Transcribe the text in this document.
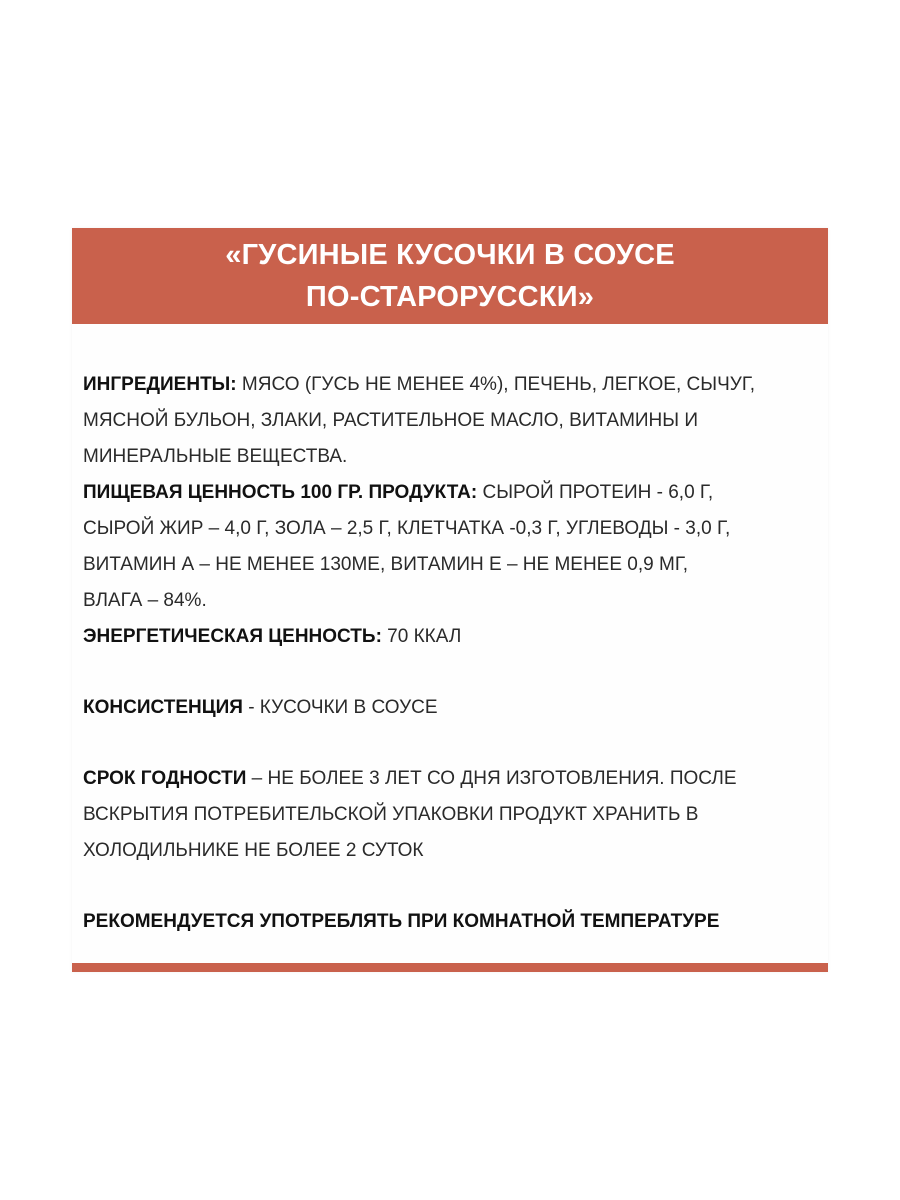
«ГУСИНЫЕ КУСОЧКИ В СОУСЕ
ПО-СТАРОРУССКИ»

ИНГРЕДИЕНТЫ: МЯСО (ГУСЬ НЕ МЕНЕЕ 4%), ПЕЧЕНЬ, ЛЕГКОЕ, СЫЧУГ,

МЯСНОЙ БУЛЬОН, ЗЛАКИ, РАСТИТЕЛЬНОЕ МАСЛО, ВИТАМИНЫ И

МИНЕРАЛЬНЫЕ ВЕЩЕСТВА.

ПИЩЕВАЯ ЦЕННОСТЬ 100 ГР. ПРОДУКТА: СЫРОЙ ПРОТЕИН - 6,0 Г,

СЫРОЙ ЖИР – 4,0 Г, ЗОЛА – 2,5 Г, КЛЕТЧАТКА -0,3 Г, УГЛЕВОДЫ - 3,0 Г,

ВИТАМИН А – НЕ МЕНЕЕ 130МЕ, ВИТАМИН Е – НЕ МЕНЕЕ 0,9 МГ,

ВЛАГА – 84%.

ЭНЕРГЕТИЧЕСКАЯ ЦЕННОСТЬ: 70 ККАЛ

КОНСИСТЕНЦИЯ - КУСОЧКИ В СОУСЕ

СРОК ГОДНОСТИ – НЕ БОЛЕЕ 3 ЛЕТ СО ДНЯ ИЗГОТОВЛЕНИЯ. ПОСЛЕ

ВСКРЫТИЯ ПОТРЕБИТЕЛЬСКОЙ УПАКОВКИ ПРОДУКТ ХРАНИТЬ В

ХОЛОДИЛЬНИКЕ НЕ БОЛЕЕ 2 СУТОК

РЕКОМЕНДУЕТСЯ УПОТРЕБЛЯТЬ ПРИ КОМНАТНОЙ ТЕМПЕРАТУРЕ
